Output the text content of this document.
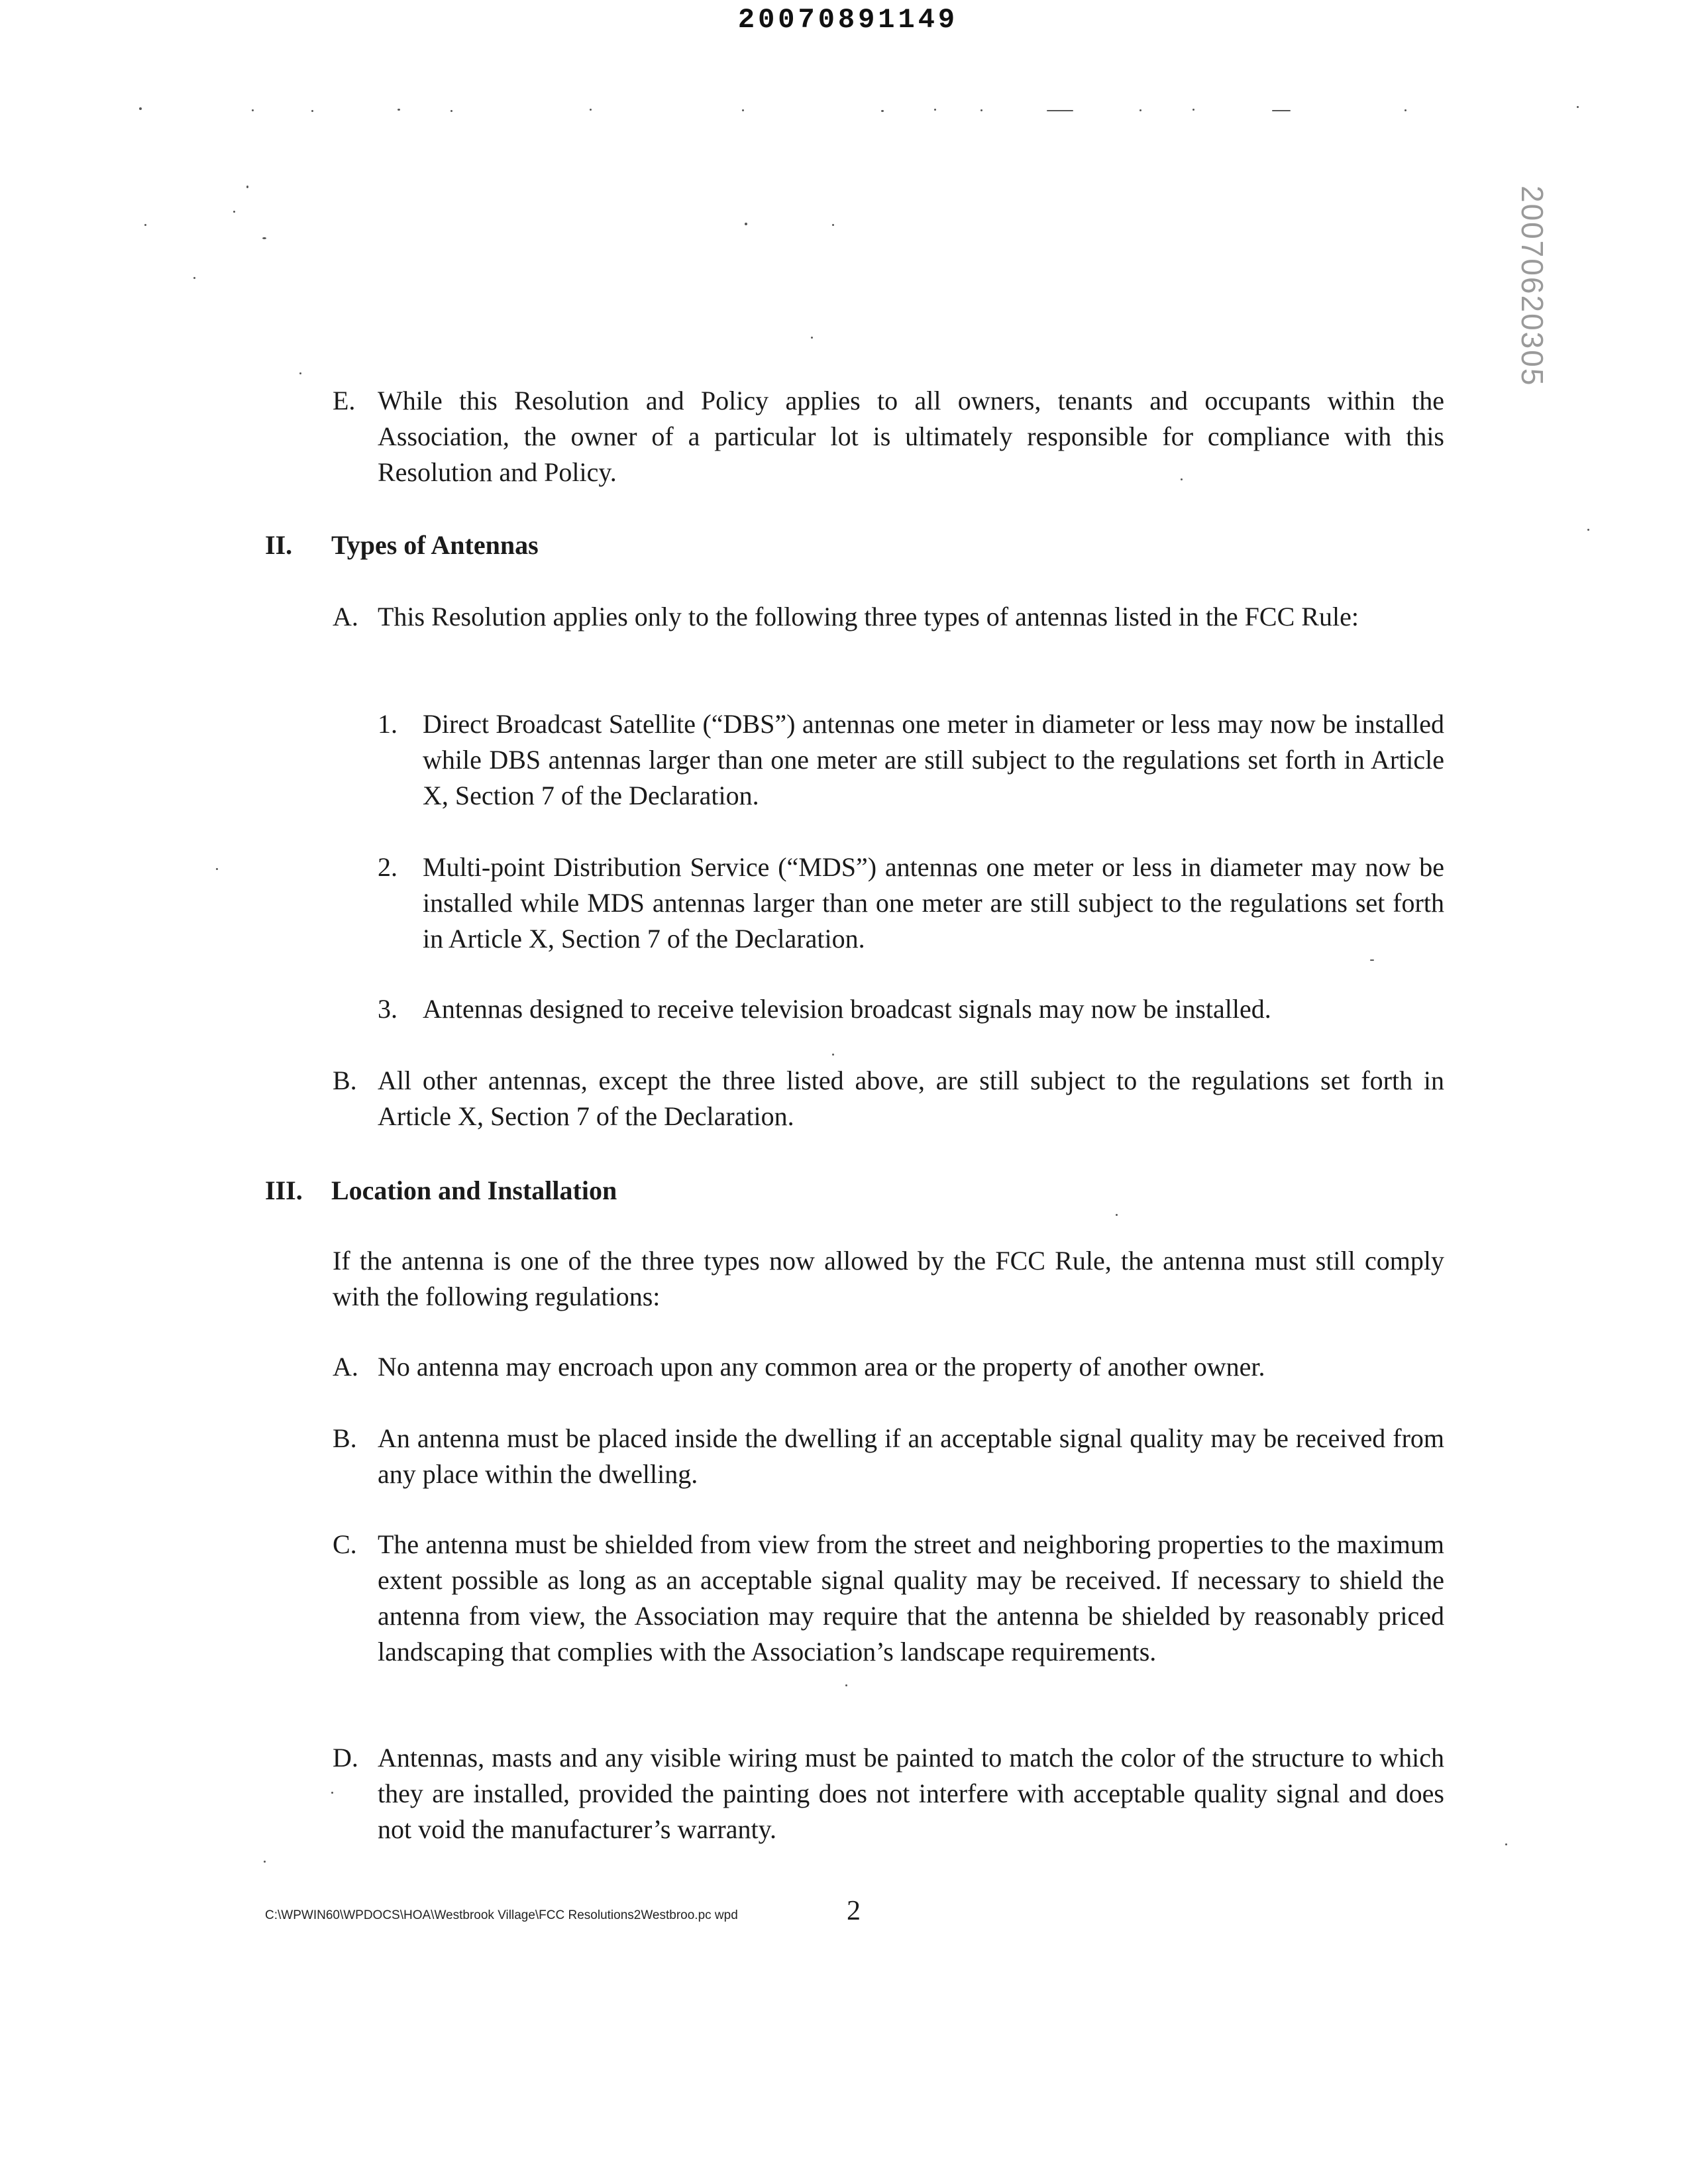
20070891149
20070620305
E. While this Resolution and Policy applies to all owners, tenants and occupants within the Association, the owner of a particular lot is ultimately responsible for compliance with this Resolution and Policy.
II. Types of Antennas
A. This Resolution applies only to the following three types of antennas listed in the FCC Rule:
1. Direct Broadcast Satellite (“DBS”) antennas one meter in diameter or less may now be installed while DBS antennas larger than one meter are still subject to the regulations set forth in Article X, Section 7 of the Declaration.
2. Multi-point Distribution Service (“MDS”) antennas one meter or less in diameter may now be installed while MDS antennas larger than one meter are still subject to the regulations set forth in Article X, Section 7 of the Declaration.
3. Antennas designed to receive television broadcast signals may now be installed.
B. All other antennas, except the three listed above, are still subject to the regulations set forth in Article X, Section 7 of the Declaration.
III. Location and Installation
If the antenna is one of the three types now allowed by the FCC Rule, the antenna must still comply with the following regulations:
A. No antenna may encroach upon any common area or the property of another owner.
B. An antenna must be placed inside the dwelling if an acceptable signal quality may be received from any place within the dwelling.
C. The antenna must be shielded from view from the street and neighboring properties to the maximum extent possible as long as an acceptable signal quality may be received. If necessary to shield the antenna from view, the Association may require that the antenna be shielded by reasonably priced landscaping that complies with the Association’s landscape requirements.
D. Antennas, masts and any visible wiring must be painted to match the color of the structure to which they are installed, provided the painting does not interfere with acceptable quality signal and does not void the manufacturer’s warranty.
C:\WPWIN60\WPDOCS\HOA\Westbrook Village\FCC Resolutions2Westbroo.pc wpd	2
